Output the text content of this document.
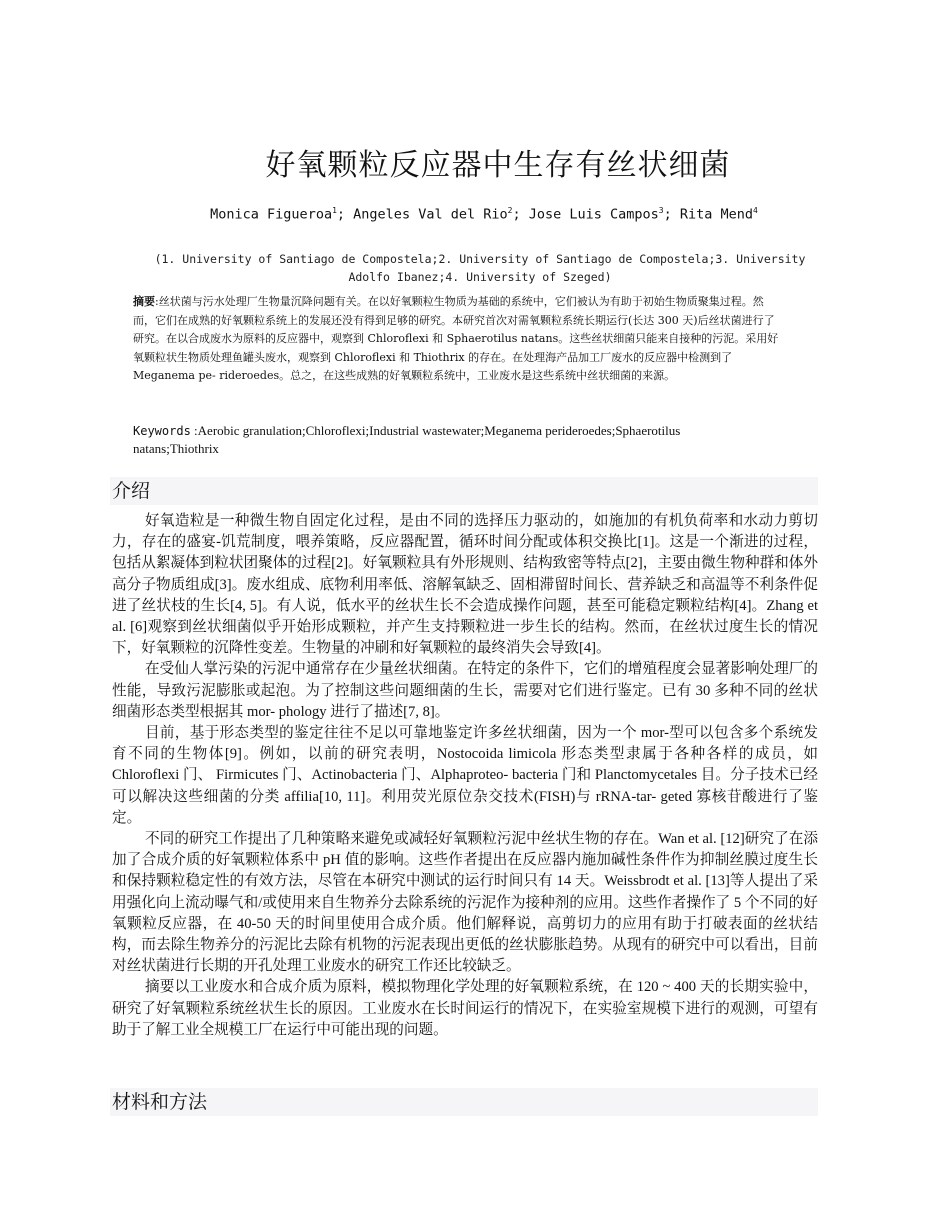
好氧颗粒反应器中生存有丝状细菌
Monica Figueroa$^1$; Angeles Val del Rio$^2$; Jose Luis Campos$^3$; Rita Mend$^4$
(1. University of Santiago de Compostela;2. University of Santiago de Compostela;3. University Adolfo Ibanez;4. University of Szeged)
摘要:丝状菌与污水处理厂生物量沉降问题有关。在以好氧颗粒生物质为基础的系统中，它们被认为有助于初始生物质聚集过程。然而，它们在成熟的好氧颗粒系统上的发展还没有得到足够的研究。本研究首次对需氧颗粒系统长期运行(长达 300 天)后丝状菌进行了研究。在以合成废水为原料的反应器中，观察到 Chloroflexi 和 Sphaerotilus natans。这些丝状细菌只能来自接种的污泥。采用好氧颗粒状生物质处理鱼罐头废水，观察到 Chloroflexi 和 Thiothrix 的存在。在处理海产品加工厂废水的反应器中检测到了 Meganema pe- rideroedes。总之，在这些成熟的好氧颗粒系统中，工业废水是这些系统中丝状细菌的来源。
Keywords :Aerobic granulation;Chloroflexi;Industrial wastewater;Meganema perideroedes;Sphaerotilus natans;Thiothrix
介绍

好氧造粒是一种微生物自固定化过程，是由不同的选择压力驱动的，如施加的有机负荷率和水动力剪切力，存在的盛宴-饥荒制度，喂养策略，反应器配置，循环时间分配或体积交换比[1]。这是一个渐进的过程，包括从絮凝体到粒状团聚体的过程[2]。好氧颗粒具有外形规则、结构致密等特点[2]，主要由微生物种群和体外高分子物质组成[3]。废水组成、底物利用率低、溶解氧缺乏、固相滞留时间长、营养缺乏和高温等不利条件促进了丝状枝的生长[4, 5]。有人说，低水平的丝状生长不会造成操作问题，甚至可能稳定颗粒结构[4]。Zhang et al. [6]观察到丝状细菌似乎开始形成颗粒，并产生支持颗粒进一步生长的结构。然而，在丝状过度生长的情况下，好氧颗粒的沉降性变差。生物量的冲刷和好氧颗粒的最终消失会导致[4]。

在受仙人掌污染的污泥中通常存在少量丝状细菌。在特定的条件下，它们的增殖程度会显著影响处理厂的性能，导致污泥膨胀或起泡。为了控制这些问题细菌的生长，需要对它们进行鉴定。已有 30 多种不同的丝状细菌形态类型根据其 mor- phology 进行了描述[7, 8]。

目前，基于形态类型的鉴定往往不足以可靠地鉴定许多丝状细菌，因为一个 mor-型可以包含多个系统发育不同的生物体[9]。例如，以前的研究表明，Nostocoida limicola 形态类型隶属于各种各样的成员，如 Chloroflexi 门、 Firmicutes 门、Actinobacteria 门、Alphaproteo- bacteria 门和 Planctomycetales 目。分子技术已经可以解决这些细菌的分类 affilia[10, 11]。利用荧光原位杂交技术(FISH)与 rRNA-tar- geted 寡核苷酸进行了鉴定。

不同的研究工作提出了几种策略来避免或减轻好氧颗粒污泥中丝状生物的存在。Wan et al. [12]研究了在添加了合成介质的好氧颗粒体系中 pH 值的影响。这些作者提出在反应器内施加碱性条件作为抑制丝膜过度生长和保持颗粒稳定性的有效方法，尽管在本研究中测试的运行时间只有 14 天。Weissbrodt et al. [13]等人提出了采用强化向上流动曝气和/或使用来自生物养分去除系统的污泥作为接种剂的应用。这些作者操作了 5 个不同的好氧颗粒反应器，在 40-50 天的时间里使用合成介质。他们解释说，高剪切力的应用有助于打破表面的丝状结构，而去除生物养分的污泥比去除有机物的污泥表现出更低的丝状膨胀趋势。从现有的研究中可以看出，目前对丝状菌进行长期的开孔处理工业废水的研究工作还比较缺乏。

摘要以工业废水和合成介质为原料，模拟物理化学处理的好氧颗粒系统，在 120 ~ 400 天的长期实验中，研究了好氧颗粒系统丝状生长的原因。工业废水在长时间运行的情况下，在实验室规模下进行的观测，可望有助于了解工业全规模工厂在运行中可能出现的问题。

材料和方法
